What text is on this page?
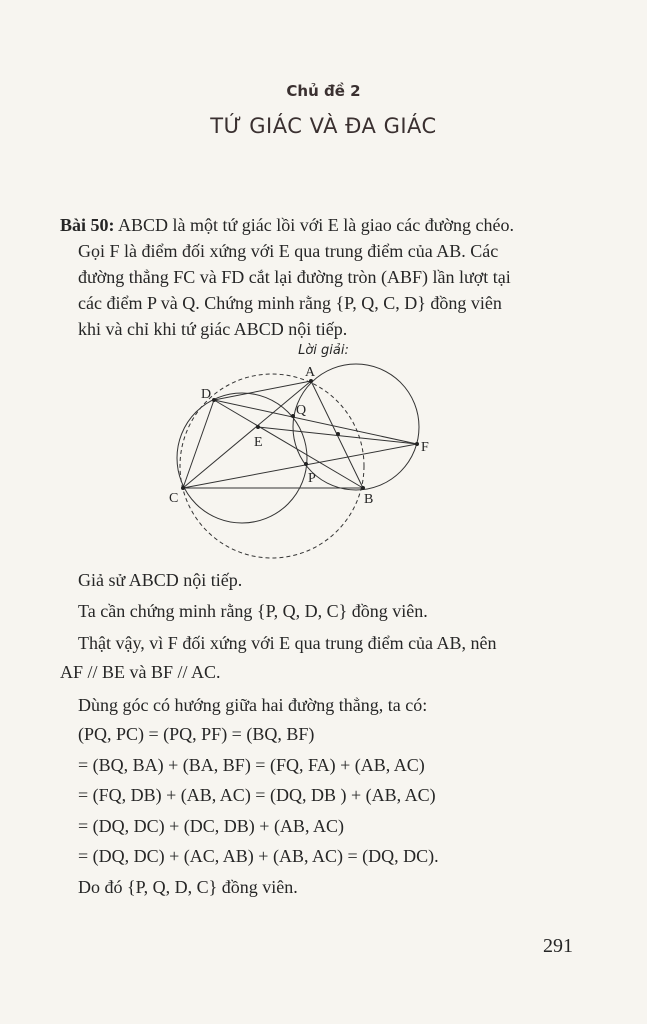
Chủ đề 2
TỨ GIÁC VÀ ĐA GIÁC
Bài 50: ABCD là một tứ giác lồi với E là giao các đường chéo.
Gọi F là điểm đối xứng với E qua trung điểm của AB. Các
đường thẳng FC và FD cắt lại đường tròn (ABF) lần lượt tại
các điểm P và Q. Chứng minh rằng {P, Q, C, D} đồng viên
khi và chỉ khi tứ giác ABCD nội tiếp.
Lời giải:
A
B
C
D
E	F
P
Q
Giả sử ABCD nội tiếp.
Ta cần chứng minh rằng {P, Q, D, C} đồng viên.
Thật vậy, vì F đối xứng với E qua trung điểm của AB, nên
AF // BE và BF // AC.
Dùng góc có hướng giữa hai đường thẳng, ta có:
(PQ, PC) = (PQ, PF) = (BQ, BF)
= (BQ, BA) + (BA, BF) = (FQ, FA) + (AB, AC)
= (FQ, DB) + (AB, AC) = (DQ, DB ) + (AB, AC)
= (DQ, DC) + (DC, DB) + (AB, AC)
= (DQ, DC) + (AC, AB) + (AB, AC) = (DQ, DC).
Do đó {P, Q, D, C} đồng viên.
291
